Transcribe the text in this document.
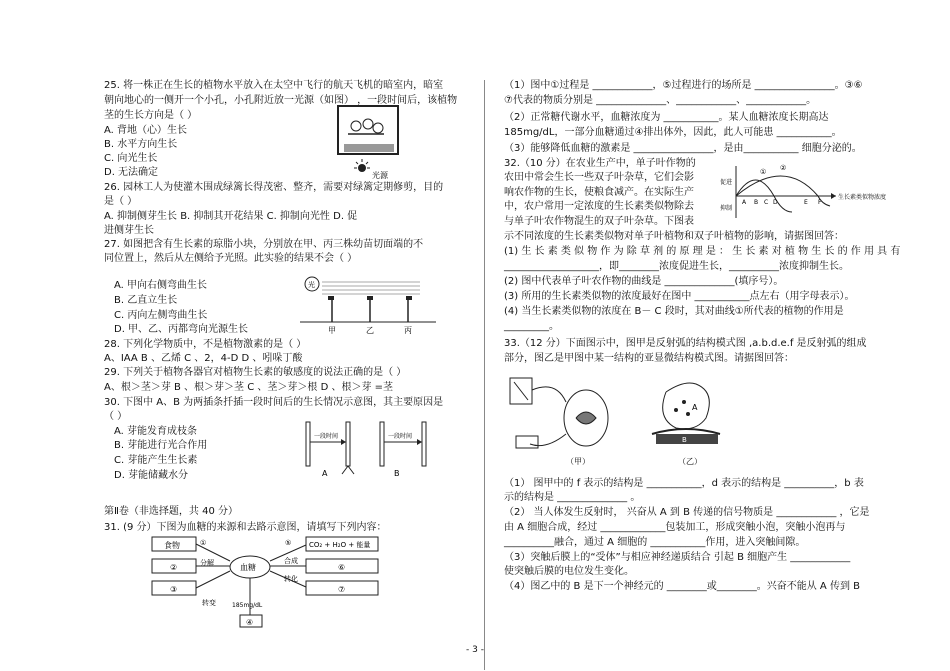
25. 将一株正在生长的植物水平放入在太空中飞行的航天飞机的暗室内，暗室
朝向地心的一侧开一个小孔，小孔附近放一光源（如图） ，一段时间后，该植物
茎的生长方向是（ ）
A. 背地（心）生长
B. 水平方向生长
C. 向光生长
D. 无法确定
26. 园林工人为使灌木围成绿篱长得茂密、整齐，需要对绿篱定期修剪，目的
是（ ）
A. 抑制侧芽生长 B. 抑制其开花结果 C. 抑制向光性 D. 促
进侧芽生长
27. 如图把含有生长素的琼脂小块，分别放在甲、丙三株幼苗切面端的不
同位置上，然后从左侧给予光照。此实验的结果不会（ ）
A. 甲向右侧弯曲生长
B. 乙直立生长
C. 丙向左侧弯曲生长
D. 甲、乙、丙都弯向光源生长
28. 下列化学物质中，不是植物激素的是（ ）
A、IAA B 、乙烯 C 、2，4-D D 、吲哚丁酸
29. 下列关于植物各器官对植物生长素的敏感度的说法正确的是（ ）
A、根＞茎＞芽 B 、根＞芽＞茎 C 、茎＞芽＞根 D 、根＞芽 =茎
30. 下图中 A、B 为两插条扦插一段时间后的生长情况示意图，其主要原因是
（ ）
A. 芽能发育成枝条
B. 芽能进行光合作用
C. 芽能产生生长素
D. 芽能储藏水分
第Ⅱ卷（非选择题，共 40 分）
31. (9 分）下图为血糖的来源和去路示意图，请填写下列内容：
光源
光
甲	乙	丙
一段时间
A
一段时间
B
食物
②
③
①
分解
转变
血糖
⑤
合成
转化
CO₂ + H₂O + 能量
⑥
⑦
185mg/dL
④
（1）图中①过程是 ____________，⑤过程进行的场所是 ________________。③⑥
⑦代表的物质分别是 ______________、____________、____________。
（2）正常糖代谢水平，血糖浓度为 ___________。某人血糖浓度长期高达
185mg/dL，一部分血糖通过④排出体外，因此，此人可能患 ___________。
（3）能够降低血糖的激素是 ________________，是由___________ 细胞分泌的。
32.（10 分）在农业生产中，单子叶作物的
农田中常会生长一些双子叶杂草，它们会影
响农作物的生长，使粮食减产。在实际生产
中，农户常用一定浓度的生长素类似物除去
与单子叶农作物混生的双子叶杂草。下图表
示不同浓度的生长素类似物对单子叶植物和双子叶植物的影响，请据图回答：
(1) 生 长 素 类 似 物 作 为 除 草 剂 的 原 理 是 ： 生 长 素 对 植 物 生 长 的 作 用 具 有
___________________，即________浓度促进生长，__________浓度抑制生长。
(2) 图中代表单子叶农作物的曲线是 ______________(填序号）。
(3) 所用的生长素类似物的浓度最好在图中 ___________点左右（用字母表示）。
(4) 当生长素类似物的浓度在 B－ C 段时，其对曲线①所代表的植物的作用是
_________。
33.（12 分）下面图示中，图甲是反射弧的结构模式图 ,a.b.d.e.f 是反射弧的组成
部分，图乙是甲图中某一结构的亚显微结构模式图。请据图回答：
（1） 图甲中的 f 表示的结构是 ___________，d 表示的结构是 __________，b 表
示的结构是 ______________ 。
（2） 当人体发生反射时， 兴奋从 A 到 B 传递的信号物质是 ____________ ，它是
由 A 细胞合成，经过 _____________包装加工，形成突触小泡，突触小泡再与
__________融合，通过 A 细胞的 ___________作用，进入突触间隙。
（3）突触后膜上的“受体”与相应神经递质结合 引起 B 细胞产生 ____________
使突触后膜的电位发生变化。
（4）图乙中的 B 是下一个神经元的 ________或________。兴奋不能从 A 传到 B
促进
抑制
生长素类似物浓度
① ②
A B C D	E F
（甲）
A
B
（乙）
- 3 -
